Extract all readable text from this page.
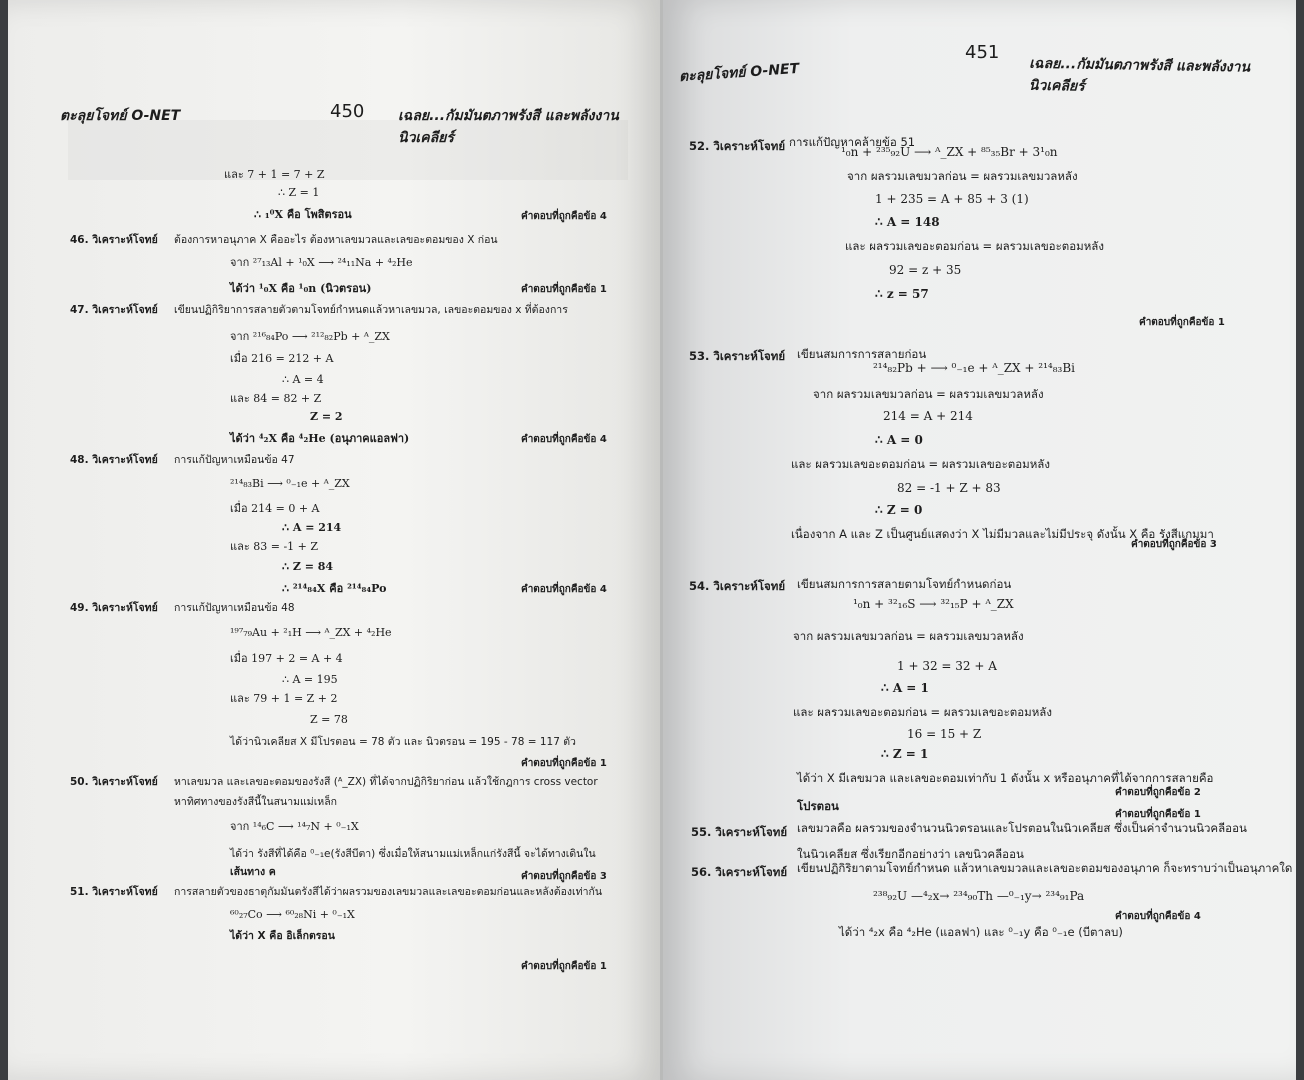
ตะลุยโจทย์ O-NET	450 เฉลย...กัมมันตภาพรังสี และพลังงานนิวเคลียร์
และ 7 + 1 = 7 + Z
∴ Z = 1
∴ ₁⁰X คือ โพสิตรอน	คำตอบที่ถูกคือข้อ 4
46. วิเคราะห์โจทย์ ต้องการหาอนุภาค X คืออะไร ต้องหาเลขมวลและเลขอะตอมของ X ก่อน
จาก ²⁷₁₃Al + ¹₀X ⟶ ²⁴₁₁Na + ⁴₂He
ได้ว่า ¹₀X คือ ¹₀n (นิวตรอน)	คำตอบที่ถูกคือข้อ 1
47. วิเคราะห์โจทย์ เขียนปฏิกิริยาการสลายตัวตามโจทย์กำหนดแล้วหาเลขมวล, เลขอะตอมของ x ที่ต้องการ
จาก ²¹⁶₈₄Po ⟶ ²¹²₈₂Pb + ᴬ_ZX
เมื่อ 216 = 212 + A
∴ A = 4
และ 84 = 82 + Z
Z = 2
ได้ว่า ⁴₂X คือ ⁴₂He (อนุภาคแอลฟา)	คำตอบที่ถูกคือข้อ 4
48. วิเคราะห์โจทย์ การแก้ปัญหาเหมือนข้อ 47
²¹⁴₈₃Bi ⟶ ⁰₋₁e + ᴬ_ZX
เมื่อ 214 = 0 + A
∴ A = 214
และ 83 = -1 + Z
∴ Z = 84
∴ ²¹⁴₈₄X คือ ²¹⁴₈₄Po	คำตอบที่ถูกคือข้อ 4
49. วิเคราะห์โจทย์ การแก้ปัญหาเหมือนข้อ 48
¹⁹⁷₇₉Au + ²₁H ⟶ ᴬ_ZX + ⁴₂He
เมื่อ 197 + 2 = A + 4
∴ A = 195
และ 79 + 1 = Z + 2
Z = 78
ได้ว่านิวเคลียส X มีโปรตอน = 78 ตัว และ นิวตรอน = 195 - 78 = 117 ตัว
คำตอบที่ถูกคือข้อ 1
50. วิเคราะห์โจทย์ หาเลขมวล และเลขอะตอมของรังสี (ᴬ_ZX) ที่ได้จากปฏิกิริยาก่อน แล้วใช้กฎการ cross vector
หาทิศทางของรังสีนี้ในสนามแม่เหล็ก
จาก ¹⁴₆C ⟶ ¹⁴₇N + ⁰₋₁X
ได้ว่า รังสีที่ได้คือ ⁰₋₁e(รังสีบีตา) ซึ่งเมื่อให้สนามแม่เหล็กแก่รังสีนี้ จะได้ทางเดินใน
เส้นทาง ค	คำตอบที่ถูกคือข้อ 3
51. วิเคราะห์โจทย์ การสลายตัวของธาตุกัมมันตรังสีได้ว่าผลรวมของเลขมวลและเลขอะตอมก่อนและหลังต้องเท่ากัน
⁶⁰₂₇Co ⟶ ⁶⁰₂₈Ni + ⁰₋₁X
ได้ว่า X คือ อิเล็กตรอน
คำตอบที่ถูกคือข้อ 1
ตะลุยโจทย์ O-NET
451
เฉลย...กัมมันตภาพรังสี และพลังงานนิวเคลียร์
52. วิเคราะห์โจทย์ การแก้ปัญหาคล้ายข้อ 51
¹₀n + ²³⁵₉₂U ⟶ ᴬ_ZX + ⁸⁵₃₅Br + 3¹₀n
จาก ผลรวมเลขมวลก่อน = ผลรวมเลขมวลหลัง
1 + 235 = A + 85 + 3 (1)
∴ A = 148
และ ผลรวมเลขอะตอมก่อน = ผลรวมเลขอะตอมหลัง
92 = z + 35
∴ z = 57
คำตอบที่ถูกคือข้อ 1
53. วิเคราะห์โจทย์ เขียนสมการการสลายก่อน
²¹⁴₈₂Pb + ⟶ ⁰₋₁e + ᴬ_ZX + ²¹⁴₈₃Bi
จาก ผลรวมเลขมวลก่อน = ผลรวมเลขมวลหลัง
214 = A + 214
∴ A = 0
และ ผลรวมเลขอะตอมก่อน = ผลรวมเลขอะตอมหลัง
82 = -1 + Z + 83
∴ Z = 0
เนื่องจาก A และ Z เป็นศูนย์แสดงว่า X ไม่มีมวลและไม่มีประจุ ดังนั้น X คือ รังสีแกมมา
คำตอบที่ถูกคือข้อ 3
54. วิเคราะห์โจทย์ เขียนสมการการสลายตามโจทย์กำหนดก่อน
¹₀n + ³²₁₆S ⟶ ³²₁₅P + ᴬ_ZX
จาก ผลรวมเลขมวลก่อน = ผลรวมเลขมวลหลัง
1 + 32 = 32 + A
∴ A = 1
และ ผลรวมเลขอะตอมก่อน = ผลรวมเลขอะตอมหลัง
16 = 15 + Z
∴ Z = 1
ได้ว่า X มีเลขมวล และเลขอะตอมเท่ากับ 1 ดังนั้น x หรืออนุภาคที่ได้จากการสลายคือ
คำตอบที่ถูกคือข้อ 2
โปรตอน
55. วิเคราะห์โจทย์
คำตอบที่ถูกคือข้อ 1
เลขมวลคือ ผลรวมของจำนวนนิวตรอนและโปรตอนในนิวเคลียส ซึ่งเป็นค่าจำนวนนิวคลีออน
ในนิวเคลียส ซึ่งเรียกอีกอย่างว่า เลขนิวคลีออน
56. วิเคราะห์โจทย์ เขียนปฏิกิริยาตามโจทย์กำหนด แล้วหาเลขมวลและเลขอะตอมของอนุภาค ก็จะทราบว่าเป็นอนุภาคใด
²³⁸₉₂U —⁴₂x→ ²³⁴₉₀Th —⁰₋₁y→ ²³⁴₉₁Pa
ได้ว่า ⁴₂x คือ ⁴₂He (แอลฟา) และ ⁰₋₁y คือ ⁰₋₁e (บีตาลบ)
คำตอบที่ถูกคือข้อ 4
